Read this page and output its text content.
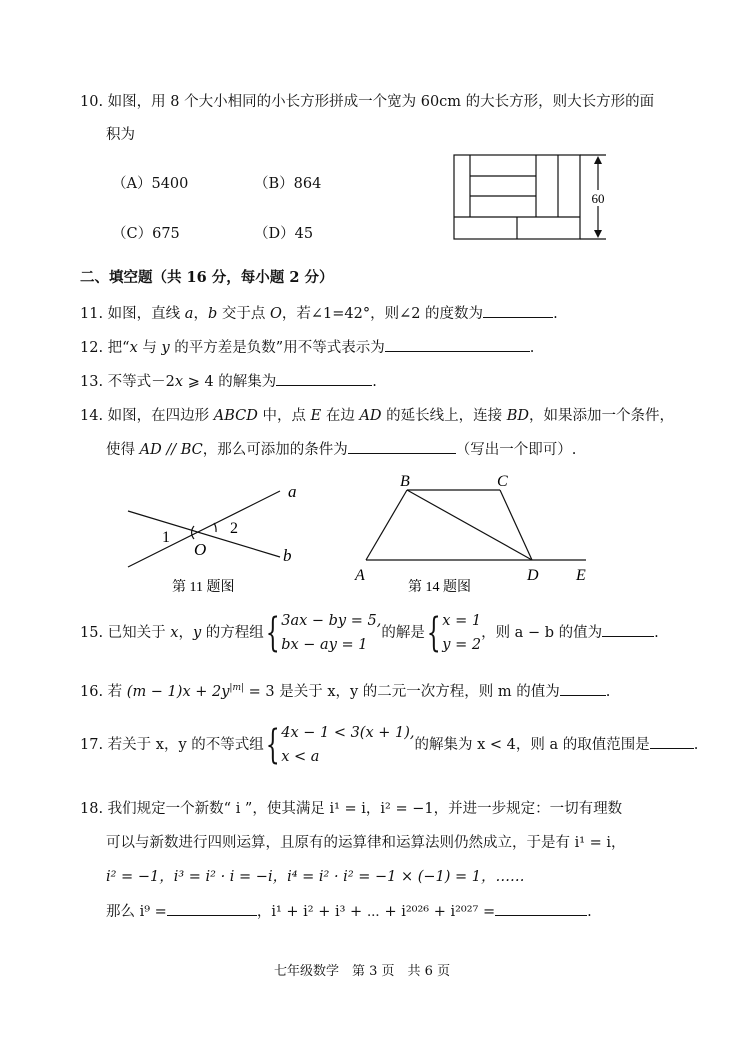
10. 如图，用 8 个大小相同的小长方形拼成一个宽为 60cm 的大长方形，则大长方形的面
积为
（A）5400	（B）864
（C）675	（D）45
60
二、填空题（共 16 分，每小题 2 分）
11. 如图，直线 a，b 交于点 O，若∠1=42°，则∠2 的度数为	.
12. 把“x 与 y 的平方差是负数”用不等式表示为	.
13. 不等式－2x ⩾ 4 的解集为	.
14. 如图，在四边形 ABCD 中，点 E 在边 AD 的延长线上，连接 BD，如果添加一个条件，
使得 AD // BC，那么可添加的条件为	（写出一个即可）.
a
b
O
1
2
第 11 题图
A
B	C
D E
第 14 题图
15. 已知关于 x，y 的方程组{ 3ax − by = 5,
bx − ay = 1
的解是{ x = 1
y = 2
，则 a − b 的值为	.
16. 若 $(m - 1)x + 2y^{|m|} = 3$ 是关于 x，y 的二元一次方程，则 m 的值为	.
17. 若关于 x，y 的不等式组{ 4x − 1 < 3(x + 1),
x < a
的解集为 x < 4，则 a 的取值范围是	.
18. 我们规定一个新数“ i ”，使其满足 i¹ = i，i² = −1，并进一步规定：一切有理数
可以与新数进行四则运算，且原有的运算律和运算法则仍然成立，于是有 i¹ = i，
i² = −1，i³ = i² · i = −i，i⁴ = i² · i² = −1 × (−1) = 1，……
那么 i⁹ =	，i¹ + i² + i³ + ⋯ + i²⁰²⁶ + i²⁰²⁷ =	.
七年级数学　第 3 页　共 6 页
